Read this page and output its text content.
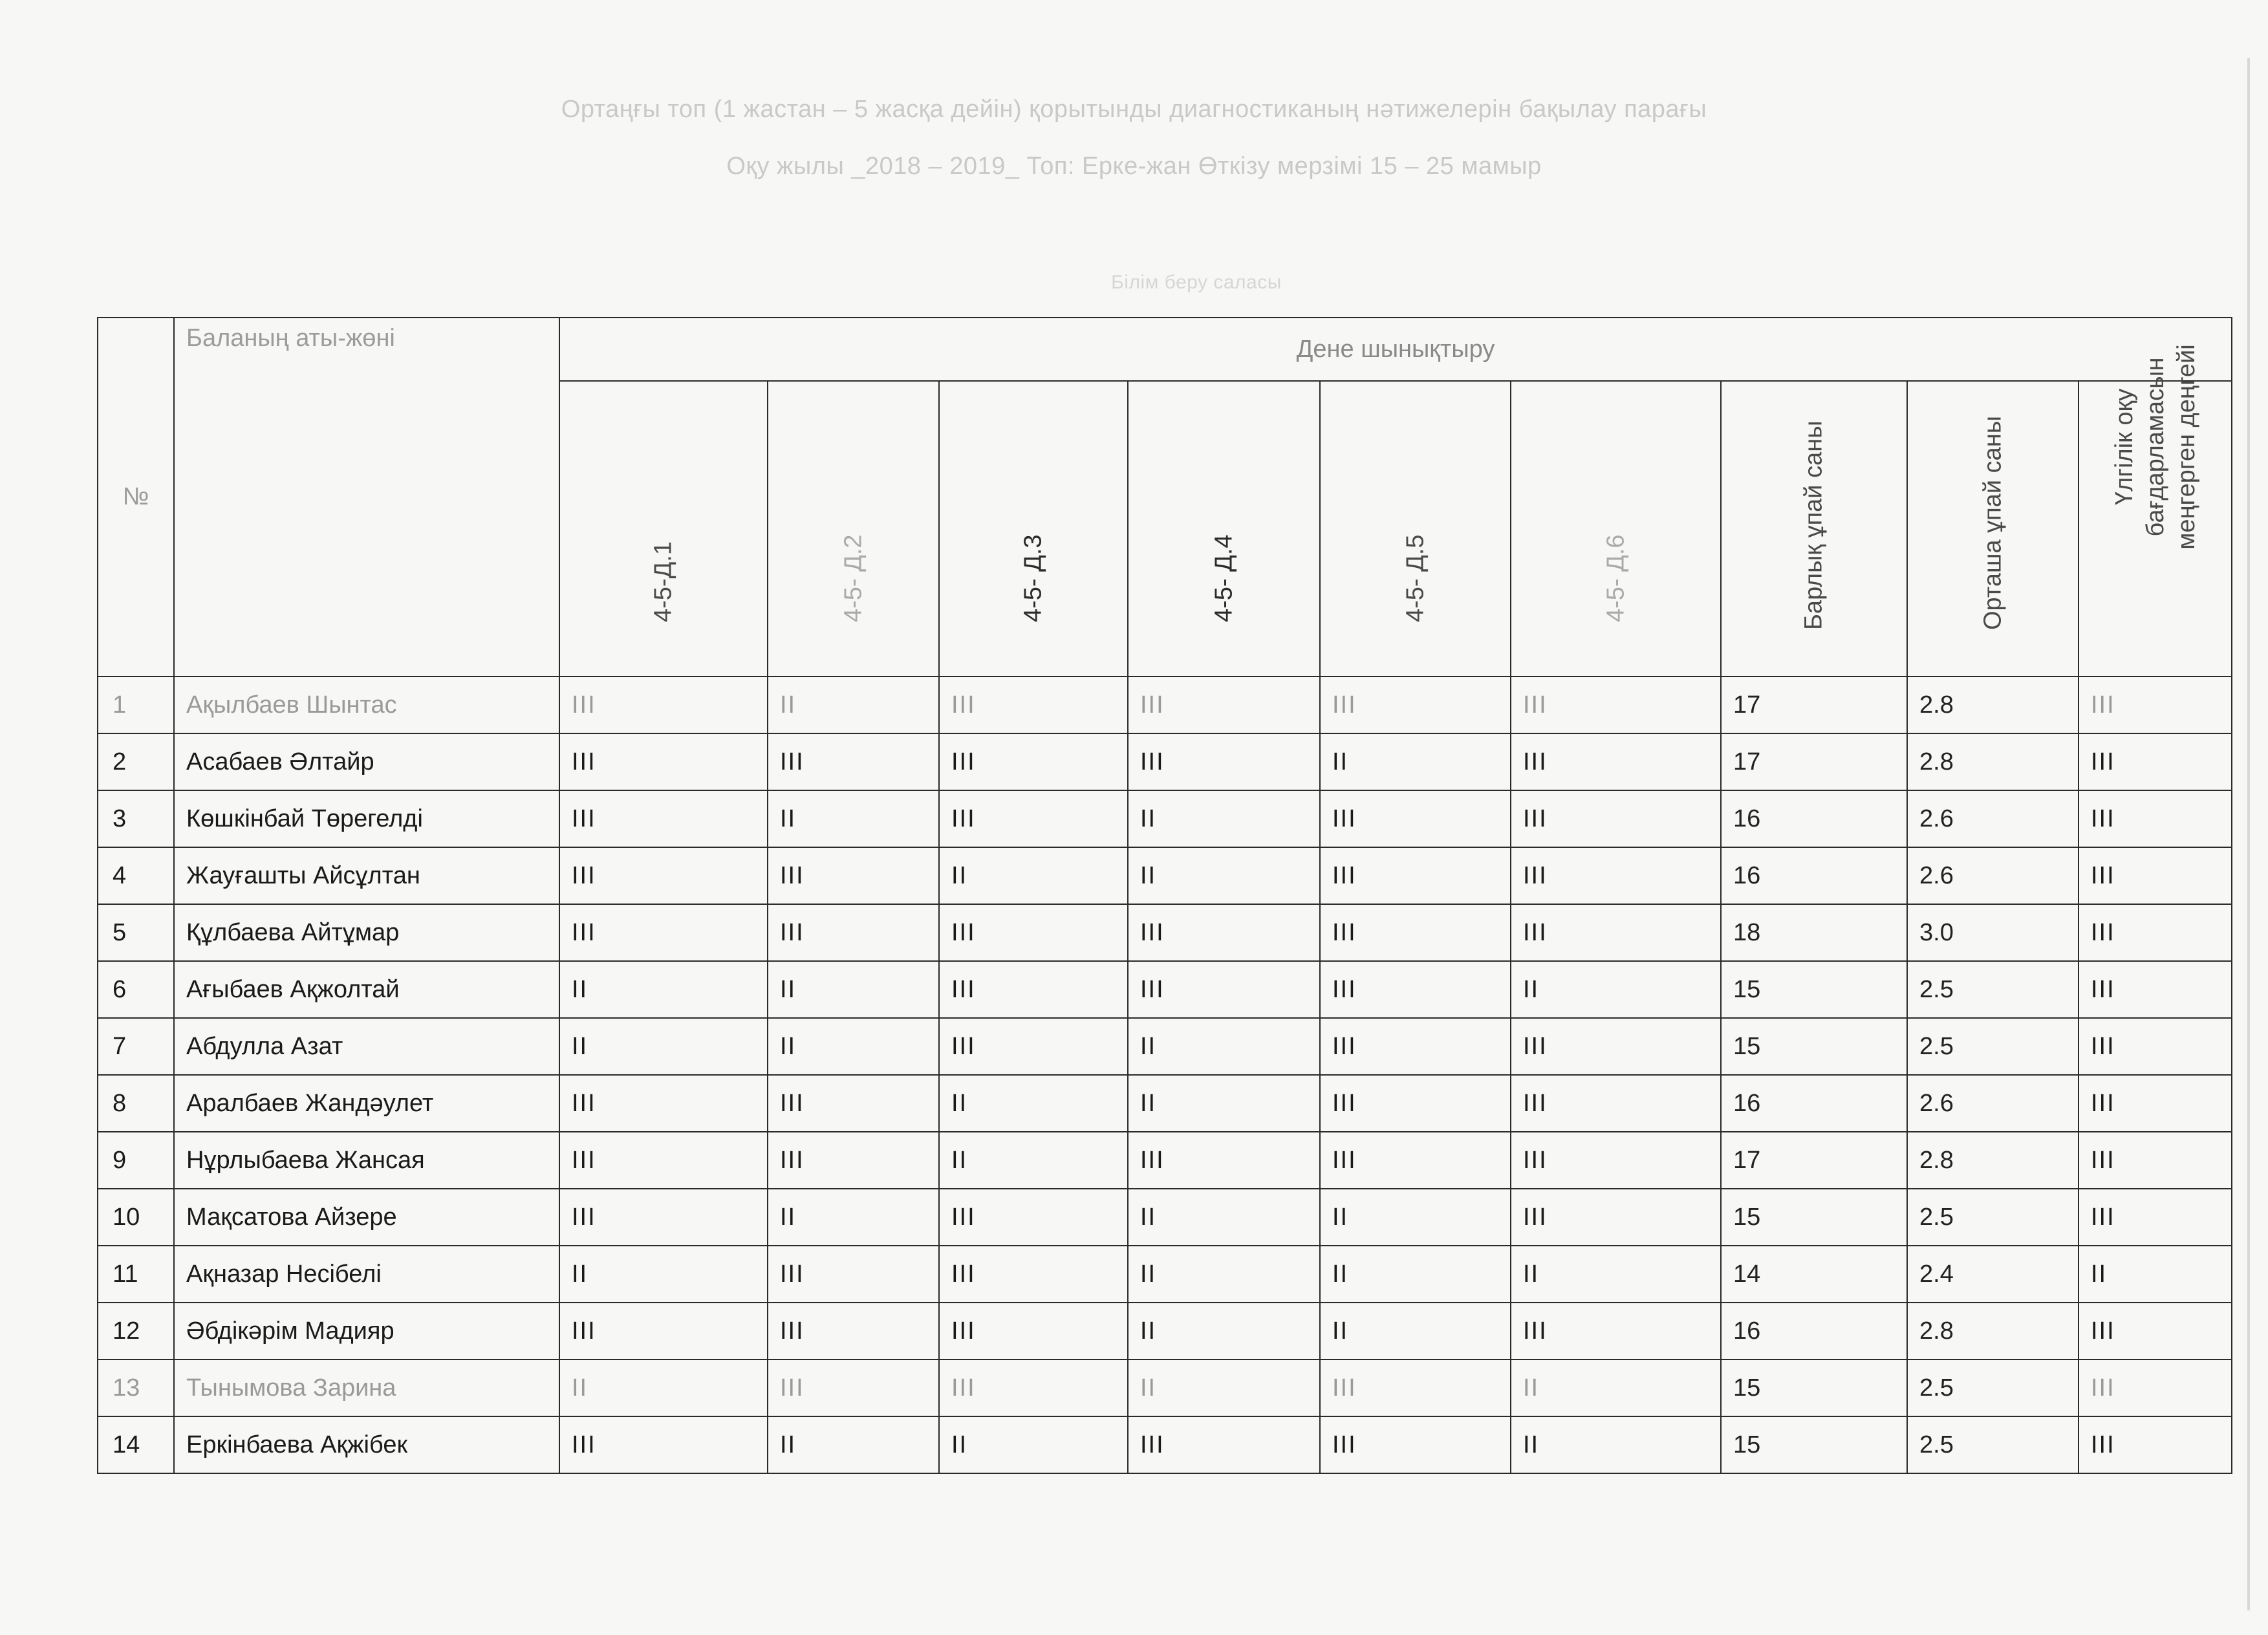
Ортаңғы топ (1 жастан – 5 жасқа дейін) қорытынды диагностиканың нәтижелерін бақылау парағы
Оқу жылы _2018 – 2019_ Топ: Ерке-жан Өткізу мерзімі 15 – 25 мамыр
Білім беру саласы
№	Баланың аты-жөні	Дене шынықтыру								

		4-5-Д.1	4-5- Д.2	4-5- Д.3	4-5- Д.4	4-5- Д.5	4-5- Д.6	Барлық ұпай саны	Орташа ұпай саны	Үлгілік оқу бағдарламасын меңгерген деңгейі

1	Ақылбаев Шынтас	III	II	III	III	III	III	17	2.8	III
2	Асабаев Әлтайр	III	III	III	III	II	III	17	2.8	III
3	Көшкінбай Төрегелді	III	II	III	II	III	III	16	2.6	III
4	Жауғашты Айсұлтан	III	III	II	II	III	III	16	2.6	III
5	Құлбаева Айтұмар	III	III	III	III	III	III	18	3.0	III
6	Ағыбаев Ақжолтай	II	II	III	III	III	II	15	2.5	III
7	Абдулла Азат	II	II	III	II	III	III	15	2.5	III
8	Аралбаев Жандәулет	III	III	II	II	III	III	16	2.6	III
9	Нұрлыбаева Жансая	III	III	II	III	III	III	17	2.8	III
10	Мақсатова Айзере	III	II	III	II	II	III	15	2.5	III
11	Ақназар Несібелі	II	III	III	II	II	II	14	2.4	II
12	Әбдікәрім Мадияр	III	III	III	II	II	III	16	2.8	III
13	Тынымова Зарина	II	III	III	II	III	II	15	2.5	III
14	Еркінбаева Ақжібек	III	II	II	III	III	II	15	2.5	III
